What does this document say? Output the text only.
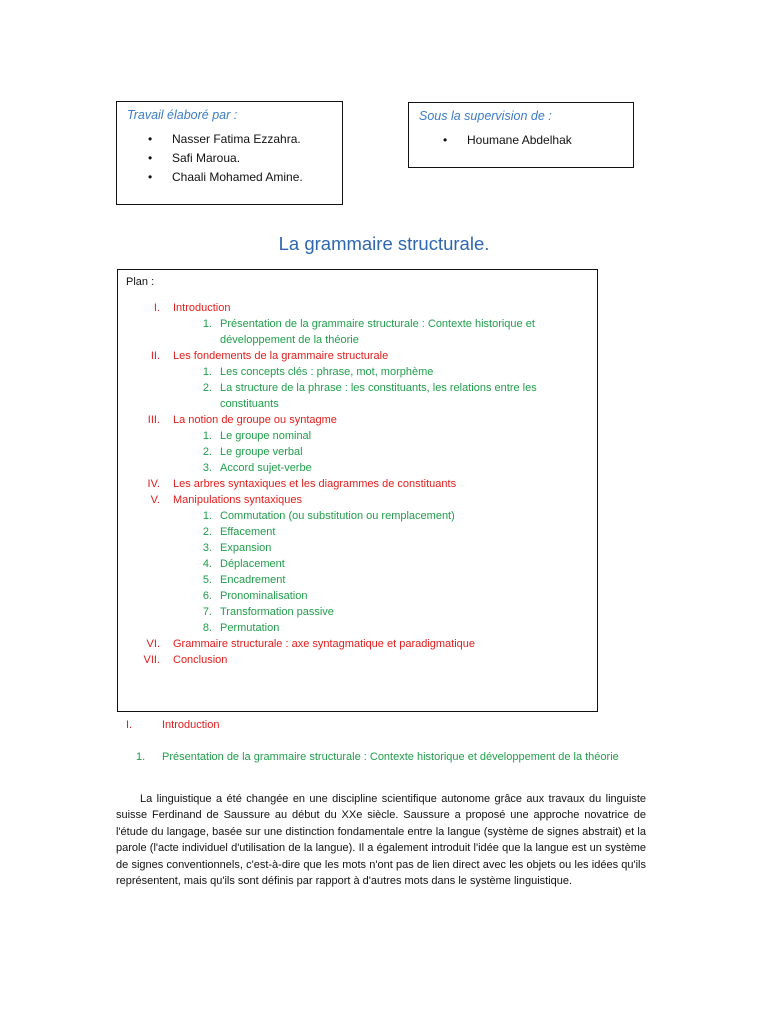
Travail élaboré par :

• Nasser Fatima Ezzahra.
• Safi Maroua.
• Chaali Mohamed Amine.

Sous la supervision de :

• Houmane Abdelhak
La grammaire structurale.

Plan :

I. Introduction
1. Présentation de la grammaire structurale : Contexte historique et développement de la théorie
II. Les fondements de la grammaire structurale
1. Les concepts clés : phrase, mot, morphème
2. La structure de la phrase : les constituants, les relations entre les constituants
III. La notion de groupe ou syntagme
1. Le groupe nominal
2. Le groupe verbal
3. Accord sujet-verbe
IV. Les arbres syntaxiques et les diagrammes de constituants
V. Manipulations syntaxiques
1. Commutation (ou substitution ou remplacement)
2. Effacement
3. Expansion
4. Déplacement
5. Encadrement
6. Pronominalisation
7. Transformation passive
8. Permutation
VI. Grammaire structurale : axe syntagmatique et paradigmatique
VII. Conclusion
I.	Introduction
1.	Présentation de la grammaire structurale : Contexte historique et développement de la théorie

La linguistique a été changée en une discipline scientifique autonome grâce aux travaux du linguiste suisse Ferdinand de Saussure au début du XXe siècle. Saussure a proposé une approche novatrice de l'étude du langage, basée sur une distinction fondamentale entre la langue (système de signes abstrait) et la parole (l'acte individuel d'utilisation de la langue). Il a également introduit l'idée que la langue est un système de signes conventionnels, c'est-à-dire que les mots n'ont pas de lien direct avec les objets ou les idées qu'ils représentent, mais qu'ils sont définis par rapport à d'autres mots dans le système linguistique.
